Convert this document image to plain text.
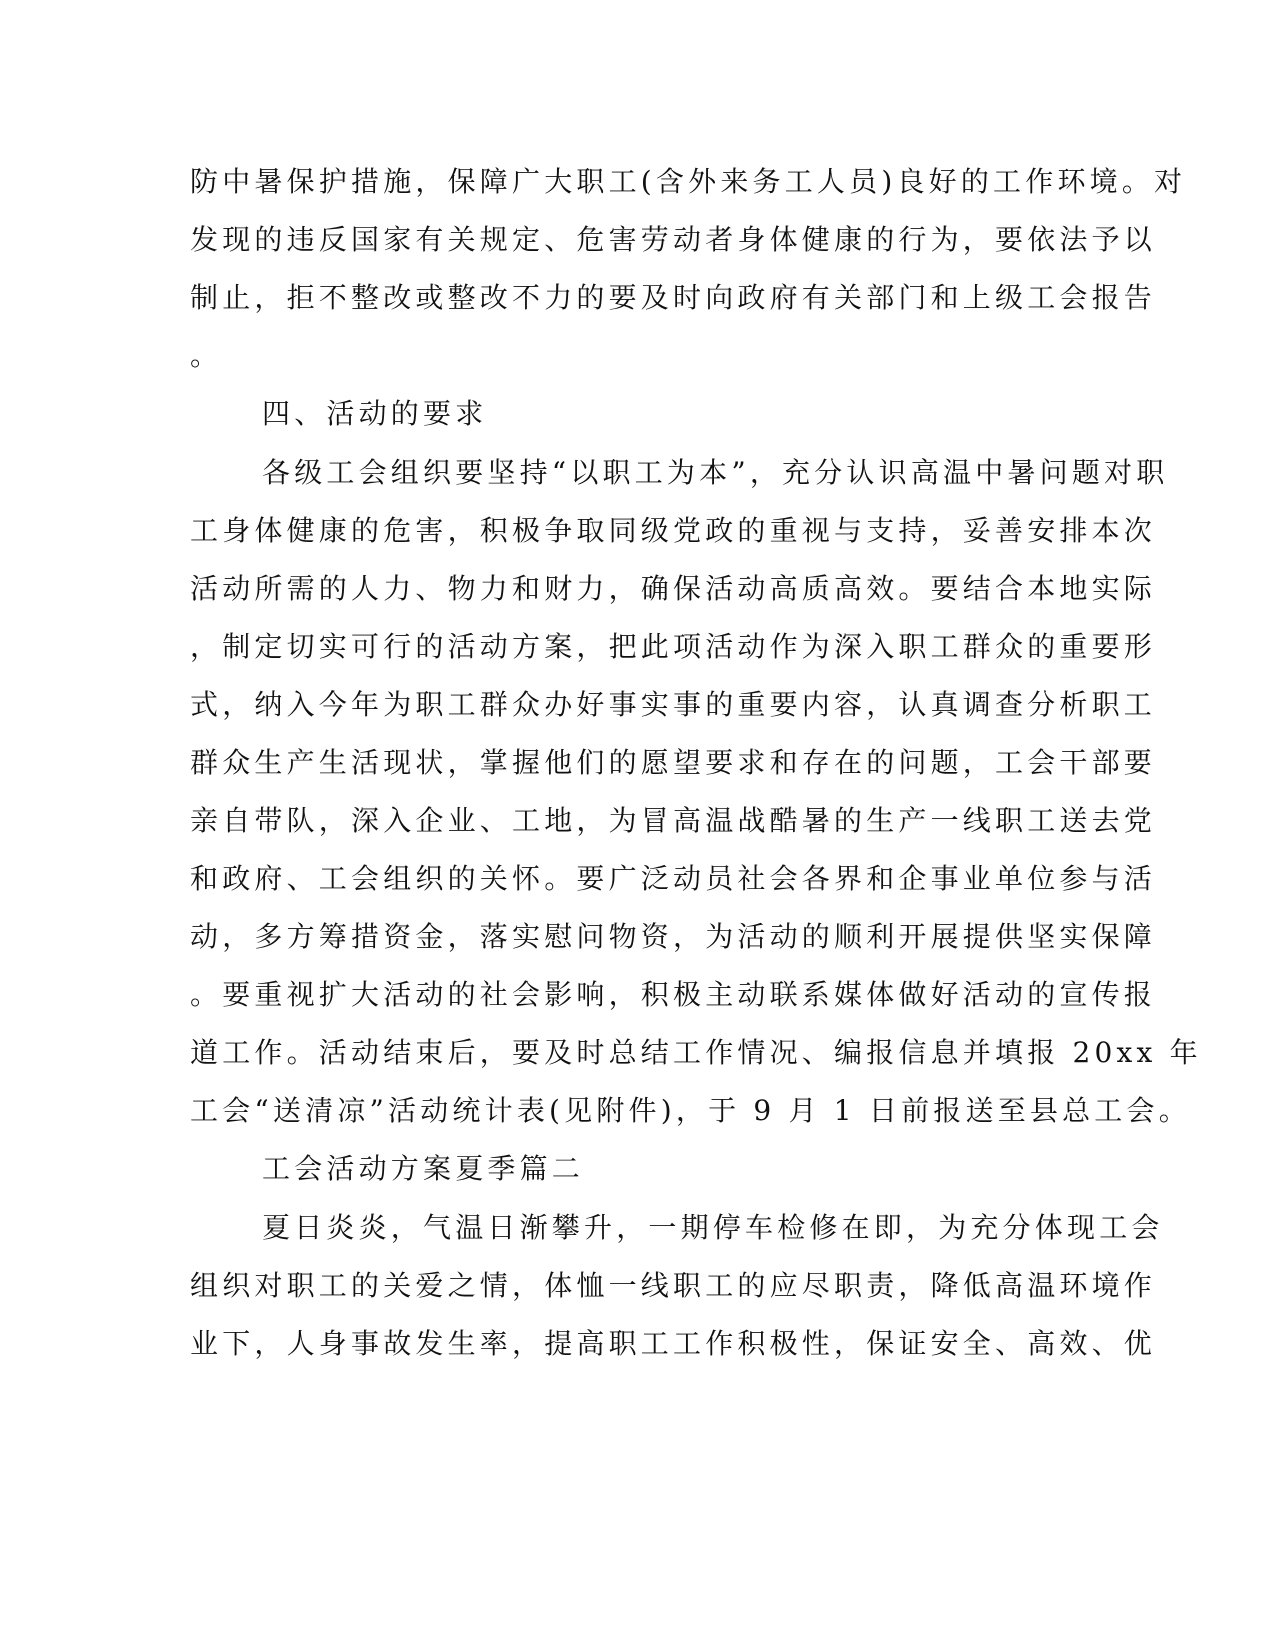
防中暑保护措施，保障广大职工(含外来务工人员)良好的工作环境。对
发现的违反国家有关规定、危害劳动者身体健康的行为，要依法予以
制止，拒不整改或整改不力的要及时向政府有关部门和上级工会报告
。
四、活动的要求
各级工会组织要坚持“以职工为本”，充分认识高温中暑问题对职
工身体健康的危害，积极争取同级党政的重视与支持，妥善安排本次
活动所需的人力、物力和财力，确保活动高质高效。要结合本地实际
，制定切实可行的活动方案，把此项活动作为深入职工群众的重要形
式，纳入今年为职工群众办好事实事的重要内容，认真调查分析职工
群众生产生活现状，掌握他们的愿望要求和存在的问题，工会干部要
亲自带队，深入企业、工地，为冒高温战酷暑的生产一线职工送去党
和政府、工会组织的关怀。要广泛动员社会各界和企事业单位参与活
动，多方筹措资金，落实慰问物资，为活动的顺利开展提供坚实保障
。要重视扩大活动的社会影响，积极主动联系媒体做好活动的宣传报
道工作。活动结束后，要及时总结工作情况、编报信息并填报 20xx 年
工会“送清凉”活动统计表(见附件)，于 9 月 1 日前报送至县总工会。
工会活动方案夏季篇二
夏日炎炎，气温日渐攀升，一期停车检修在即，为充分体现工会
组织对职工的关爱之情，体恤一线职工的应尽职责，降低高温环境作
业下，人身事故发生率，提高职工工作积极性，保证安全、高效、优
